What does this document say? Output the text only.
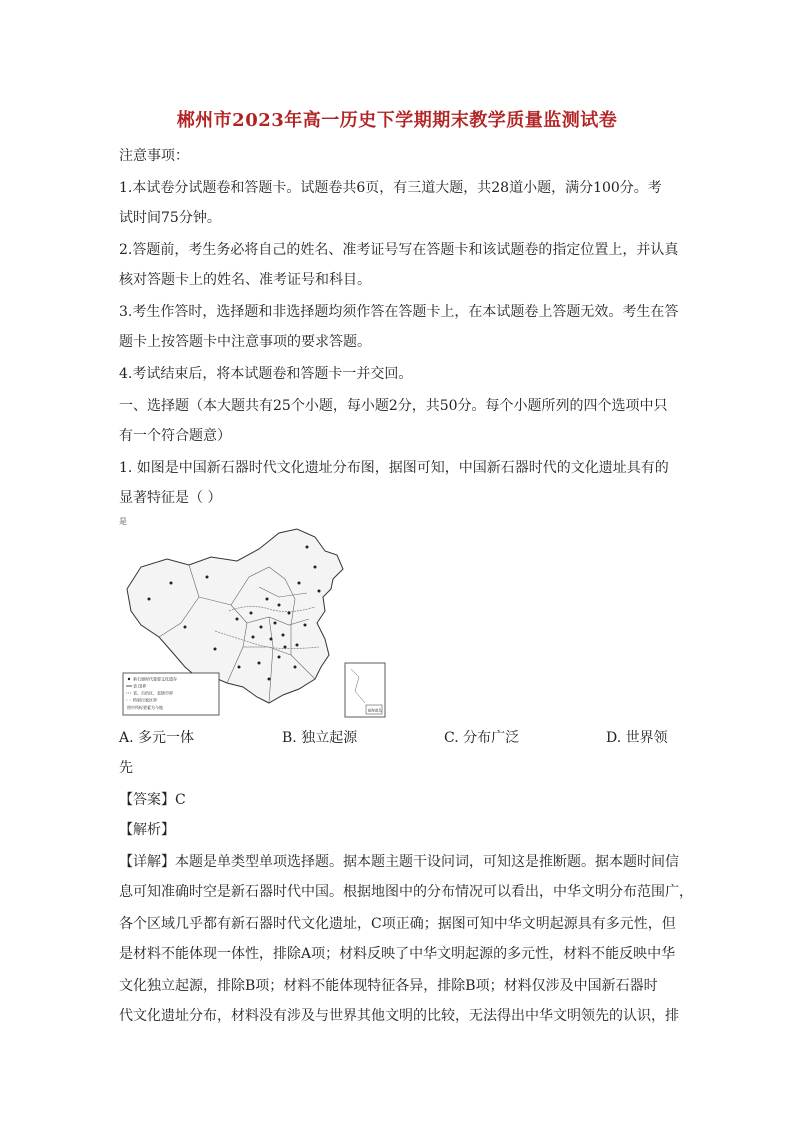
郴州市2023年高一历史下学期期末教学质量监测试卷
注意事项：
1.本试卷分试题卷和答题卡。试题卷共6页，有三道大题，共28道小题，满分100分。考
试时间75分钟。
2.答题前，考生务必将自己的姓名、准考证号写在答题卡和该试题卷的指定位置上，并认真
核对答题卡上的姓名、准考证号和科目。
3.考生作答时，选择题和非选择题均须作答在答题卡上，在本试题卷上答题无效。考生在答
题卡上按答题卡中注意事项的要求答题。
4.考试结束后，将本试题卷和答题卡一并交回。
一、选择题（本大题共有25个小题，每小题2分，共50分。每个小题所列的四个选项中只
有一个符合题意）
1. 如图是中国新石器时代文化遗址分布图，据图可知，中国新石器时代的文化遗址具有的
显著特征是（ ）
是
新石器时代重要文化遗存
省 国界
省、自治区、直辖市界
特别行政区界
图中所标要素为今地
南海诸岛
A. 多元一体	B. 独立起源	C. 分布广泛	D. 世界领
先
【答案】C
【解析】
【详解】本题是单类型单项选择题。据本题主题干设问词，可知这是推断题。据本题时间信
息可知准确时空是新石器时代中国。根据地图中的分布情况可以看出，中华文明分布范围广，
各个区域几乎都有新石器时代文化遗址，C项正确；据图可知中华文明起源具有多元性，但
是材料不能体现一体性，排除A项；材料反映了中华文明起源的多元性，材料不能反映中华
文化独立起源，排除B项；材料不能体现特征各异，排除B项；材料仅涉及中国新石器时
代文化遗址分布，材料没有涉及与世界其他文明的比较，无法得出中华文明领先的认识，排
